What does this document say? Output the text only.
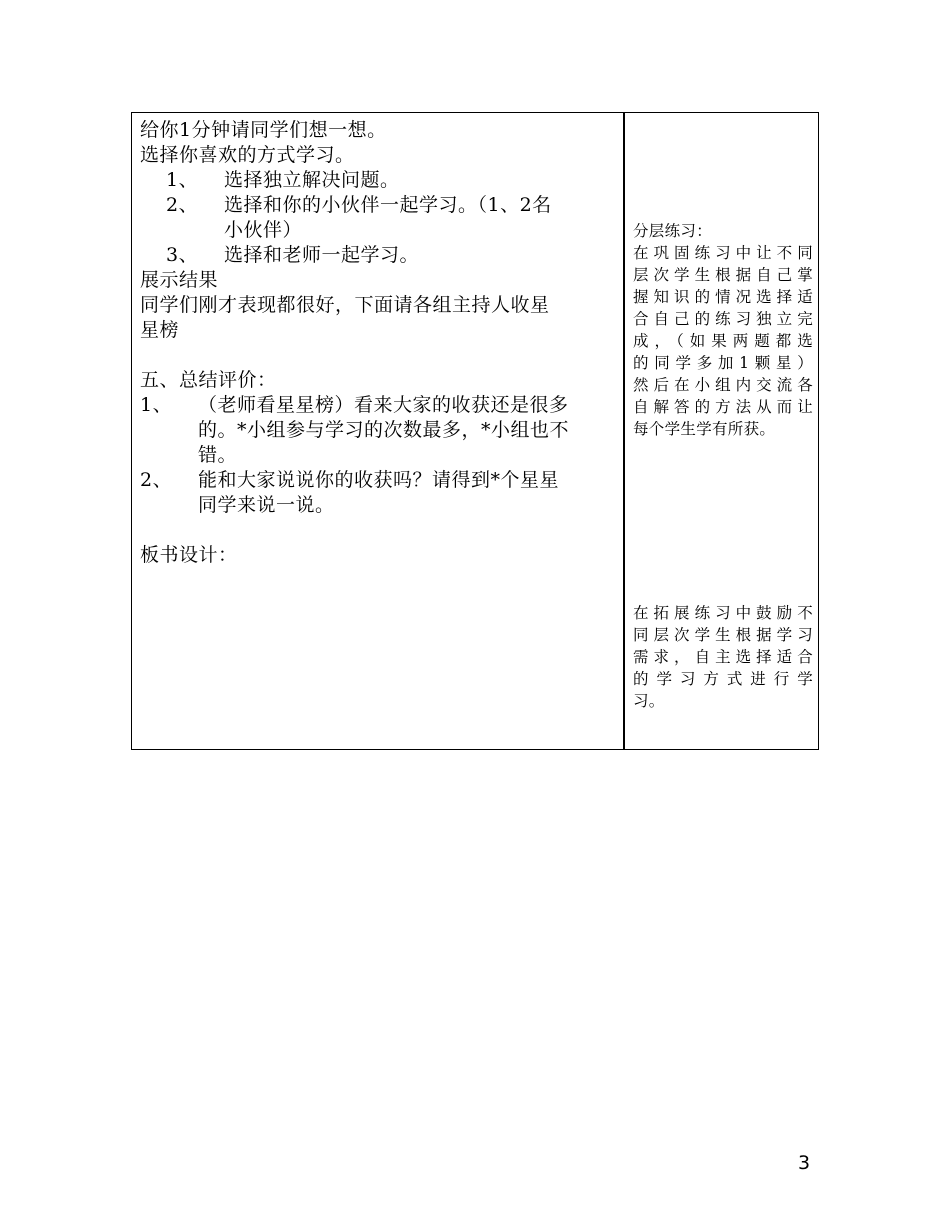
给你1分钟请同学们想一想。
选择你喜欢的方式学习。
1、 选择独立解决问题。
2、 选择和你的小伙伴一起学习。（1、2名
小伙伴）
3、 选择和老师一起学习。
展示结果
同学们刚才表现都很好，下面请各组主持人收星
星榜
五、总结评价：
1、 （老师看星星榜）看来大家的收获还是很多
的。*小组参与学习的次数最多，*小组也不
错。
2、 能和大家说说你的收获吗？请得到*个星星
同学来说一说。
板书设计：
分层练习：
在巩固练习中让不同
层次学生根据自己掌
握知识的情况选择适
合自己的练习独立完
成，（如果两题都选
的同学多加1颗星）
然后在小组内交流各
自解答的方法从而让
每个学生学有所获。
在拓展练习中鼓励不
同层次学生根据学习
需求，自主选择适合
的学习方式进行学
习。
3
